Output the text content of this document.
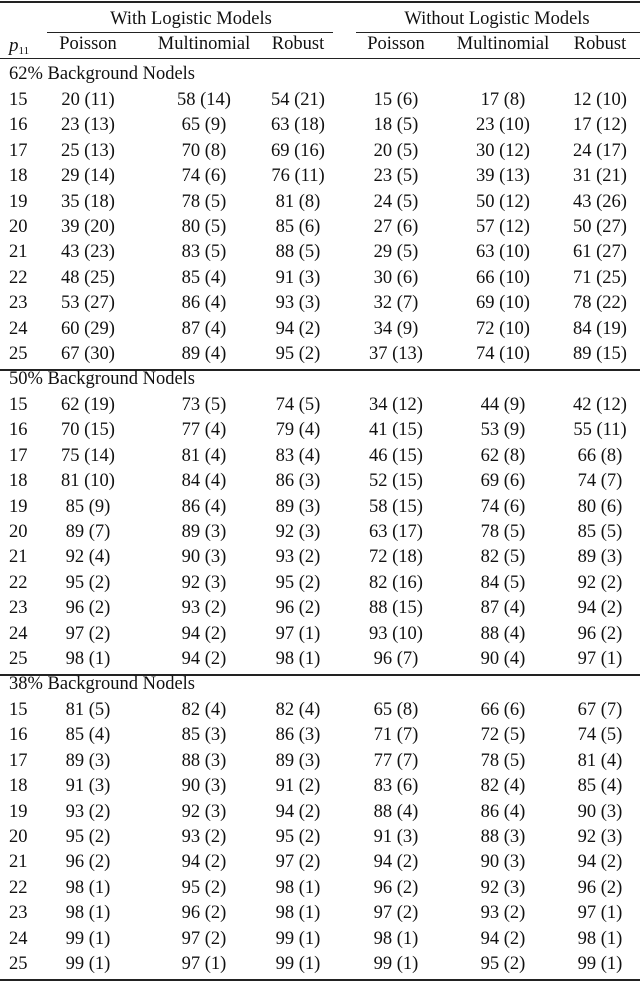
With Logistic Models	Without Logistic Models
$p_{11}$	Poisson	Multinomial	Robust	Poisson	Multinomial	Robust
62% Background Nodels
15	20 (11)	58 (14)	54 (21)	15 (6)	17 (8)	12 (10)
16	23 (13)	65 (9)	63 (18)	18 (5)	23 (10)	17 (12)
17	25 (13)	70 (8)	69 (16)	20 (5)	30 (12)	24 (17)
18	29 (14)	74 (6)	76 (11)	23 (5)	39 (13)	31 (21)
19	35 (18)	78 (5)	81 (8)	24 (5)	50 (12)	43 (26)
20	39 (20)	80 (5)	85 (6)	27 (6)	57 (12)	50 (27)
21	43 (23)	83 (5)	88 (5)	29 (5)	63 (10)	61 (27)
22	48 (25)	85 (4)	91 (3)	30 (6)	66 (10)	71 (25)
23	53 (27)	86 (4)	93 (3)	32 (7)	69 (10)	78 (22)
24	60 (29)	87 (4)	94 (2)	34 (9)	72 (10)	84 (19)
25	67 (30)	89 (4)	95 (2)	37 (13)	74 (10)	89 (15)
50% Background Nodels
15	62 (19)	73 (5)	74 (5)	34 (12)	44 (9)	42 (12)
16	70 (15)	77 (4)	79 (4)	41 (15)	53 (9)	55 (11)
17	75 (14)	81 (4)	83 (4)	46 (15)	62 (8)	66 (8)
18	81 (10)	84 (4)	86 (3)	52 (15)	69 (6)	74 (7)
19	85 (9)	86 (4)	89 (3)	58 (15)	74 (6)	80 (6)
20	89 (7)	89 (3)	92 (3)	63 (17)	78 (5)	85 (5)
21	92 (4)	90 (3)	93 (2)	72 (18)	82 (5)	89 (3)
22	95 (2)	92 (3)	95 (2)	82 (16)	84 (5)	92 (2)
23	96 (2)	93 (2)	96 (2)	88 (15)	87 (4)	94 (2)
24	97 (2)	94 (2)	97 (1)	93 (10)	88 (4)	96 (2)
25	98 (1)	94 (2)	98 (1)	96 (7)	90 (4)	97 (1)
38% Background Nodels
15	81 (5)	82 (4)	82 (4)	65 (8)	66 (6)	67 (7)
16	85 (4)	85 (3)	86 (3)	71 (7)	72 (5)	74 (5)
17	89 (3)	88 (3)	89 (3)	77 (7)	78 (5)	81 (4)
18	91 (3)	90 (3)	91 (2)	83 (6)	82 (4)	85 (4)
19	93 (2)	92 (3)	94 (2)	88 (4)	86 (4)	90 (3)
20	95 (2)	93 (2)	95 (2)	91 (3)	88 (3)	92 (3)
21	96 (2)	94 (2)	97 (2)	94 (2)	90 (3)	94 (2)
22	98 (1)	95 (2)	98 (1)	96 (2)	92 (3)	96 (2)
23	98 (1)	96 (2)	98 (1)	97 (2)	93 (2)	97 (1)
24	99 (1)	97 (2)	99 (1)	98 (1)	94 (2)	98 (1)
25	99 (1)	97 (1)	99 (1)	99 (1)	95 (2)	99 (1)
